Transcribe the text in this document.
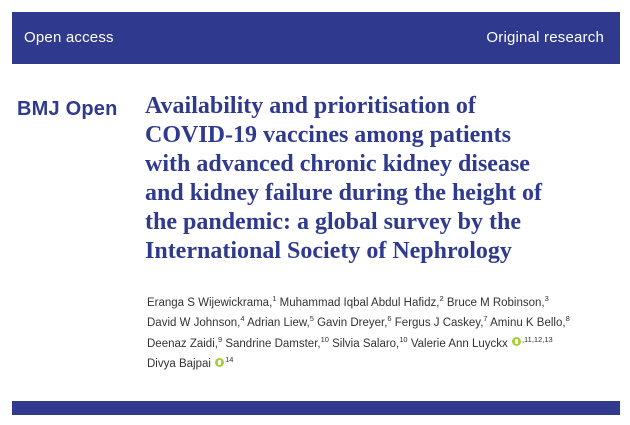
Open access	Original research
BMJ Open Availability and prioritisation of
COVID-19 vaccines among patients
with advanced chronic kidney disease
and kidney failure during the height of
the pandemic: a global survey by the
International Society of Nephrology

Eranga S Wijewickrama,$^1$ Muhammad Iqbal Abdul Hafidz,$^2$ Bruce M Robinson,$^3$
David W Johnson,$^4$ Adrian Liew,$^5$ Gavin Dreyer,$^6$ Fergus J Caskey,$^7$ Aminu K Bello,$^8$
Deenaz Zaidi,$^9$ Sandrine Damster,$^{10}$ Silvia Salaro,$^{10}$ Valerie Ann Luyckx $^{,11,12,13}$
Divya Bajpai $^{14}$
